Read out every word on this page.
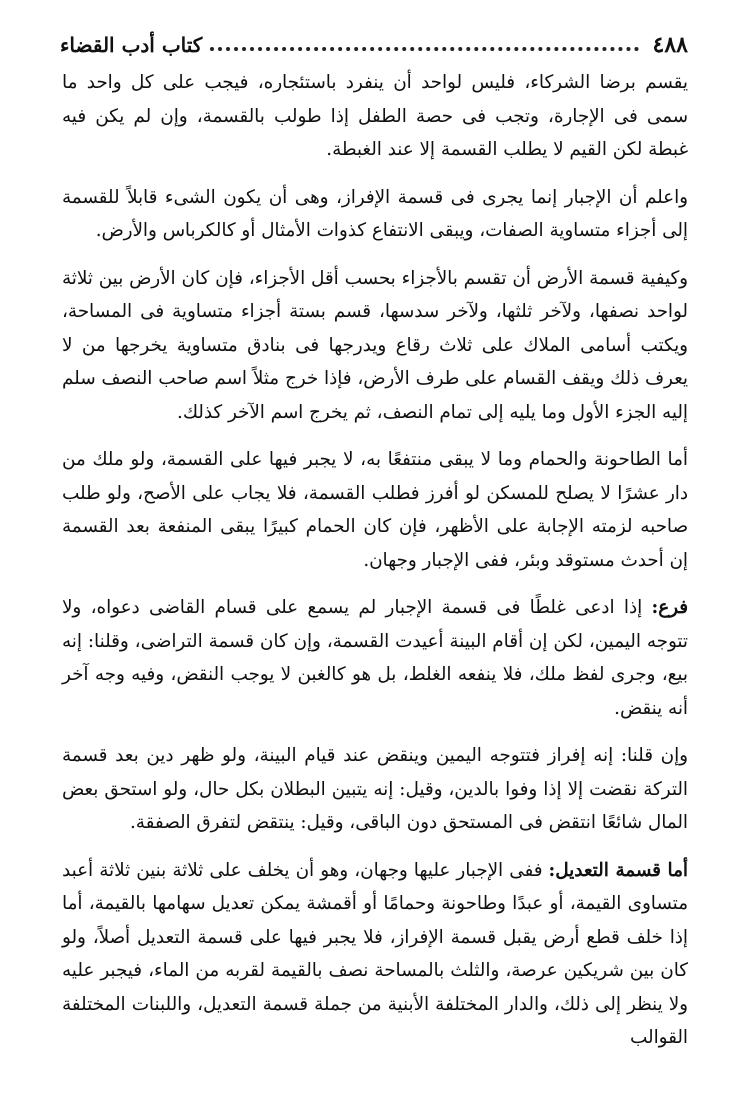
٤٨٨
كتاب أدب القضاء

يقسم برضا الشركاء، فليس لواحد أن ينفرد باستئجاره، فيجب على كل واحد ما سمى فى الإجارة، وتجب فى حصة الطفل إذا طولب بالقسمة، وإن لم يكن فيه غبطة لكن القيم لا يطلب القسمة إلا عند الغبطة.

واعلم أن الإجبار إنما يجرى فى قسمة الإفراز، وهى أن يكون الشىء قابلاً للقسمة إلى أجزاء متساوية الصفات، ويبقى الانتفاع كذوات الأمثال أو كالكرباس والأرض.

وكيفية قسمة الأرض أن تقسم بالأجزاء بحسب أقل الأجزاء، فإن كان الأرض بين ثلاثة لواحد نصفها، ولآخر ثلثها، ولآخر سدسها، قسم بستة أجزاء متساوية فى المساحة، ويكتب أسامى الملاك على ثلاث رقاع ويدرجها فى بنادق متساوية يخرجها من لا يعرف ذلك ويقف القسام على طرف الأرض، فإذا خرج مثلاً اسم صاحب النصف سلم إليه الجزء الأول وما يليه إلى تمام النصف، ثم يخرج اسم الآخر كذلك.

أما الطاحونة والحمام وما لا يبقى منتفعًا به، لا يجبر فيها على القسمة، ولو ملك من دار عشرًا لا يصلح للمسكن لو أفرز فطلب القسمة، فلا يجاب على الأصح، ولو طلب صاحبه لزمته الإجابة على الأظهر، فإن كان الحمام كبيرًا يبقى المنفعة بعد القسمة إن أحدث مستوقد وبئر، ففى الإجبار وجهان.

فرع: إذا ادعى غلطًا فى قسمة الإجبار لم يسمع على قسام القاضى دعواه، ولا تتوجه اليمين، لكن إن أقام البينة أعيدت القسمة، وإن كان قسمة التراضى، وقلنا: إنه بيع، وجرى لفظ ملك، فلا ينفعه الغلط، بل هو كالغبن لا يوجب النقض، وفيه وجه آخر أنه ينقض.

وإن قلنا: إنه إفراز فتتوجه اليمين وينقض عند قيام البينة، ولو ظهر دين بعد قسمة التركة نقضت إلا إذا وفوا بالدين، وقيل: إنه يتبين البطلان بكل حال، ولو استحق بعض المال شائعًا انتقض فى المستحق دون الباقى، وقيل: ينتقض لتفرق الصفقة.

أما قسمة التعديل: ففى الإجبار عليها وجهان، وهو أن يخلف على ثلاثة بنين ثلاثة أعبد متساوى القيمة، أو عبدًا وطاحونة وحمامًا أو أقمشة يمكن تعديل سهامها بالقيمة، أما إذا خلف قطع أرض يقبل قسمة الإفراز، فلا يجبر فيها على قسمة التعديل أصلاً، ولو كان بين شريكين عرصة، والثلث بالمساحة نصف بالقيمة لقربه من الماء، فيجبر عليه ولا ينظر إلى ذلك، والدار المختلفة الأبنية من جملة قسمة التعديل، واللبنات المختلفة القوالب
